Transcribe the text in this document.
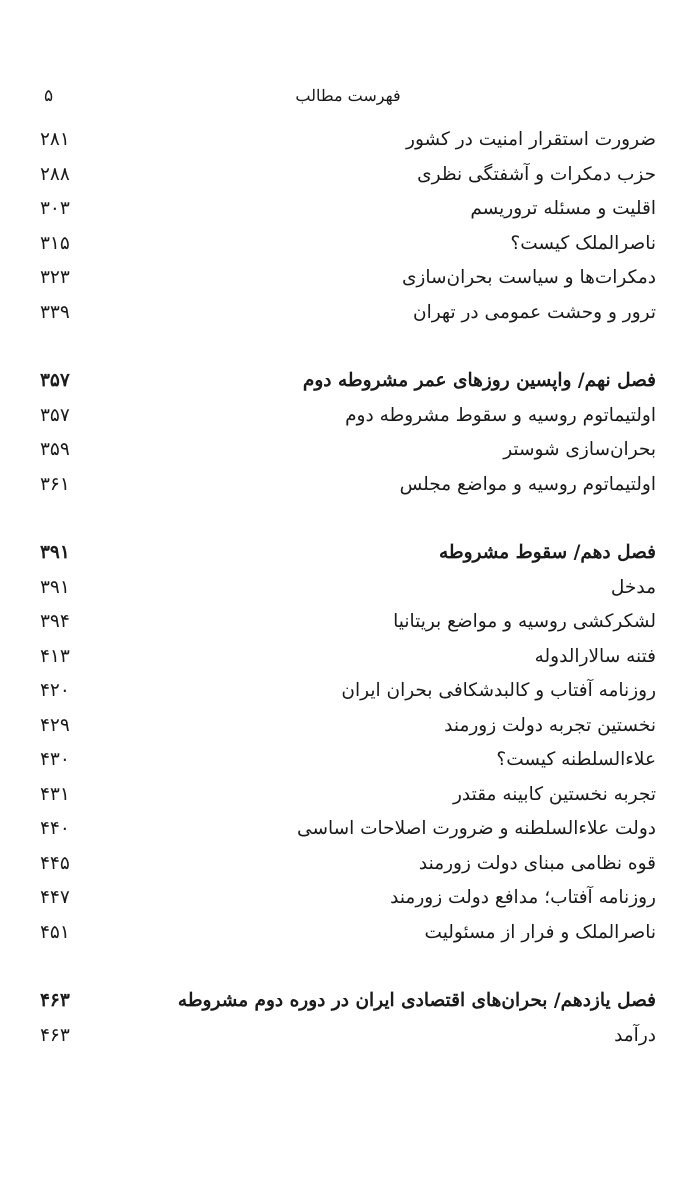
فهرست مطالب
۵
ضرورت استقرار امنیت در کشور
۲۸۱
حزب دمکرات و آشفتگی نظری
۲۸۸
اقلیت و مسئله تروریسم
۳۰۳
ناصرالملک کیست؟
۳۱۵
دمکرات‌ها و سیاست بحران‌سازی
۳۲۳
ترور و وحشت عمومی در تهران
۳۳۹
فصل نهم/ واپسین روزهای عمر مشروطه دوم
۳۵۷
اولتیماتوم روسیه و سقوط مشروطه دوم
۳۵۷
بحران‌سازی شوستر
۳۵۹
اولتیماتوم روسیه و مواضع مجلس
۳۶۱
فصل دهم/ سقوط مشروطه
۳۹۱
مدخل
۳۹۱
لشکرکشی روسیه و مواضع بریتانیا
۳۹۴
فتنه سالارالدوله
۴۱۳
روزنامه آفتاب و کالبدشکافی بحران ایران
۴۲۰
نخستین تجربه دولت زورمند
۴۲۹
علاءالسلطنه کیست؟
۴۳۰
تجربه نخستین کابینه مقتدر
۴۳۱
دولت علاءالسلطنه و ضرورت اصلاحات اساسی
۴۴۰
قوه نظامی مبنای دولت زورمند
۴۴۵
روزنامه آفتاب؛ مدافع دولت زورمند
۴۴۷
ناصرالملک و فرار از مسئولیت
۴۵۱
فصل یازدهم/ بحران‌های اقتصادی ایران در دوره دوم مشروطه
۴۶۳
درآمد
۴۶۳
